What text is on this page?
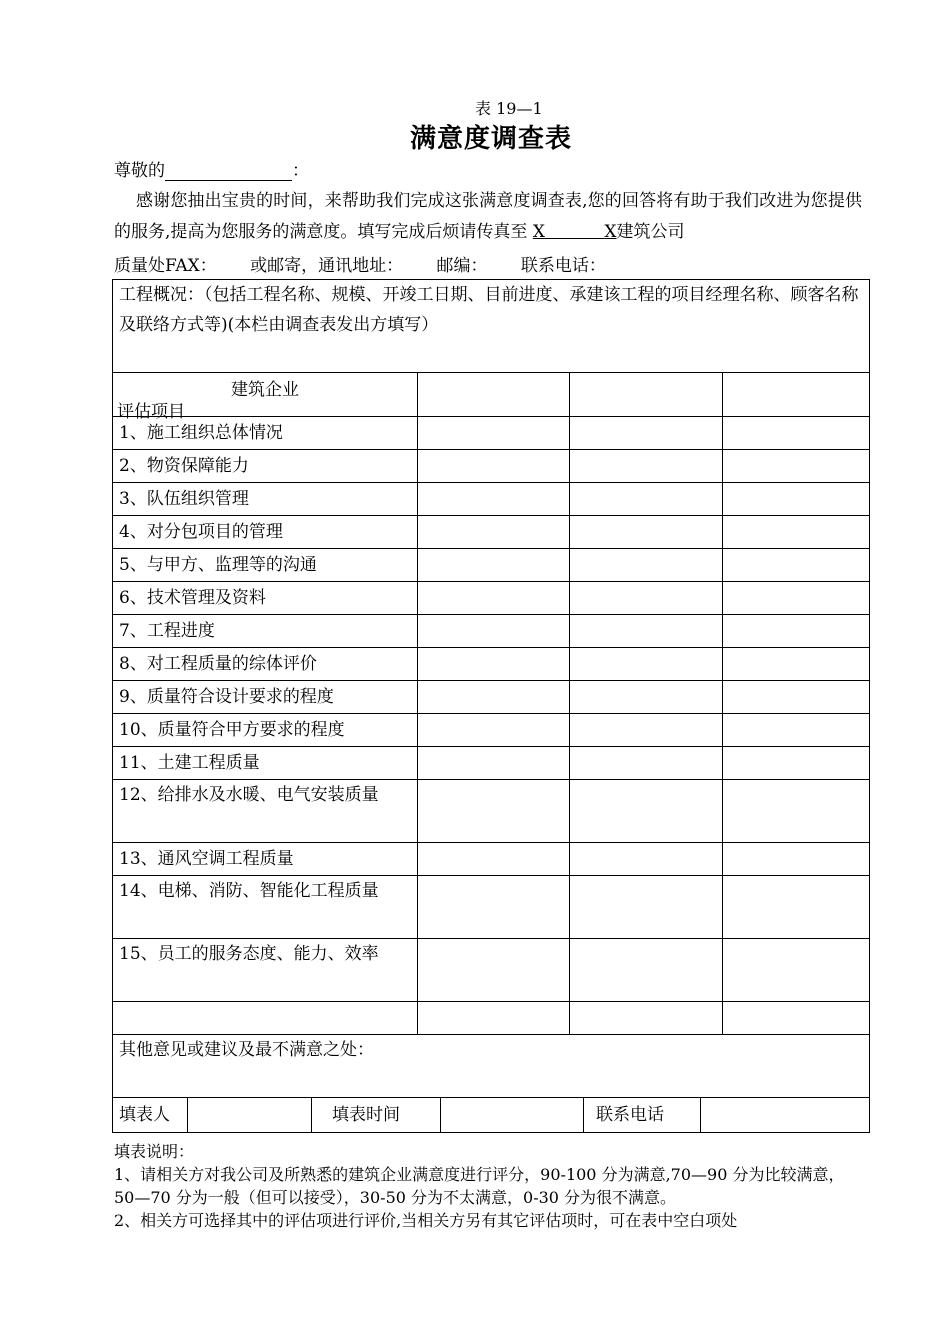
表 19—1
满意度调查表
尊敬的	：
感谢您抽出宝贵的时间，来帮助我们完成这张满意度调查表,您的回答将有助于我们改进为您提供的服务,提高为您服务的满意度。填写完成后烦请传真至 X	X建筑公司
质量处FAX： 或邮寄，通讯地址： 邮编： 联系电话：
工程概况：（包括工程名称、规模、开竣工日期、目前进度、承建该工程的项目经理名称、顾客名称及联络方式等)(本栏由调查表发出方填写）

建筑企业
评估项目

1、施工组织总体情况			
2、物资保障能力			
3、队伍组织管理			
4、对分包项目的管理			
5、与甲方、监理等的沟通			
6、技术管理及资料			
7、工程进度			
8、对工程质量的综体评价			
9、质量符合设计要求的程度			
10、质量符合甲方要求的程度			
11、土建工程质量			
12、给排水及水暖、电气安装质量			
13、通风空调工程质量			
14、电梯、消防、智能化工程质量			
15、员工的服务态度、能力、效率			

其他意见或建议及最不满意之处：

填表人		填表时间		联系电话	

填表说明：

1、请相关方对我公司及所熟悉的建筑企业满意度进行评分，90-100 分为满意,70—90 分为比较满意，50—70 分为一般（但可以接受），30-50 分为不太满意，0-30 分为很不满意。

2、相关方可选择其中的评估项进行评价,当相关方另有其它评估项时，可在表中空白项处
